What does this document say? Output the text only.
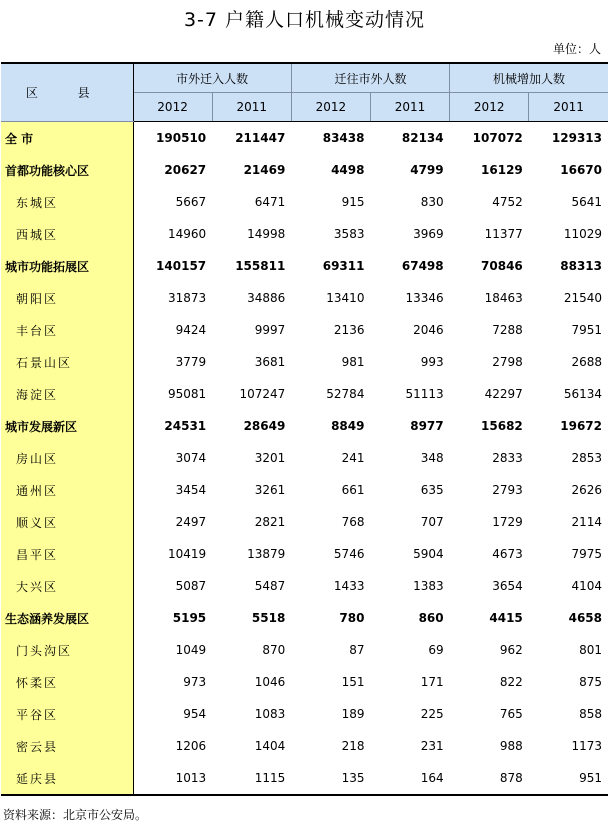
3-7 户籍人口机械变动情况
单位：人
区 县	市外迁入人数		迁往市外人数		机械增加人数	
	2012	2011	2012	2011	2012	2011
全 市	190510	211447	83438	82134	107072	129313
首都功能核心区	20627	21469	4498	4799	16129	16670
东城区	5667	6471	915	830	4752	5641
西城区	14960	14998	3583	3969	11377	11029
城市功能拓展区	140157	155811	69311	67498	70846	88313
朝阳区	31873	34886	13410	13346	18463	21540
丰台区	9424	9997	2136	2046	7288	7951
石景山区	3779	3681	981	993	2798	2688
海淀区	95081	107247	52784	51113	42297	56134
城市发展新区	24531	28649	8849	8977	15682	19672
房山区	3074	3201	241	348	2833	2853
通州区	3454	3261	661	635	2793	2626
顺义区	2497	2821	768	707	1729	2114
昌平区	10419	13879	5746	5904	4673	7975
大兴区	5087	5487	1433	1383	3654	4104
生态涵养发展区	5195	5518	780	860	4415	4658
门头沟区	1049	870	87	69	962	801
怀柔区	973	1046	151	171	822	875
平谷区	954	1083	189	225	765	858
密云县	1206	1404	218	231	988	1173
延庆县	1013	1115	135	164	878	951
资料来源：北京市公安局。
